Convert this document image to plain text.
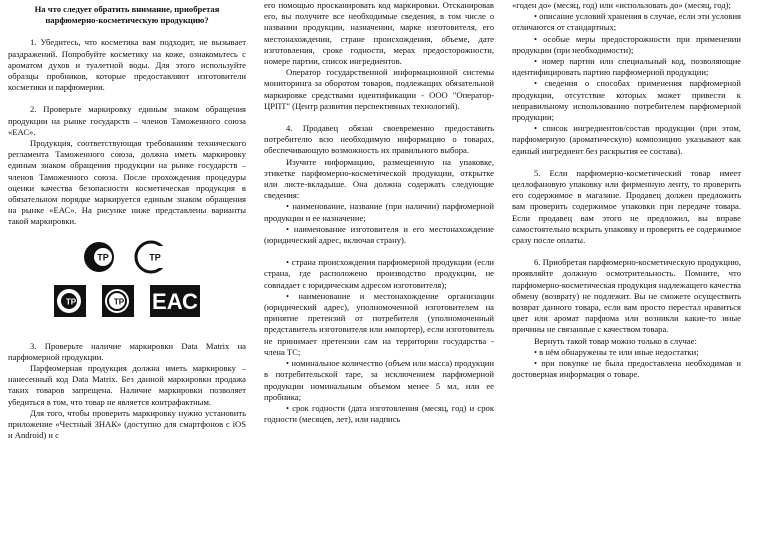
На что следует обратить внимание, приобретая парфюмерно-косметическую продукцию?

1. Убедитесь, что косметика вам подходит, не вызывает раздражений. Попробуйте косметику на коже, ознакомьтесь с ароматом духов и туалетной воды. Для этого используйте образцы пробников, которые предоставляют изготовители косметики и парфюмерии.

2. Проверьте маркировку единым знаком обращения продукции на рынке государств – членов Таможенного союза «ЕАС».

Продукция, соответствующая требованиям технического регламента Таможенного союза, должна иметь маркировку единым знаком обращения продукции на рынке государств – членов Таможенного союза. После прохождения процедуры оценки качества безопасности косметическая продукция в обязательном порядке маркируется единым знаком обращения на рынке «ЕАС». На рисунке ниже представлены варианты такой маркировки.

ТР	ТР
ТР	ТР ЕАС

3. Проверьте наличие маркировки Data Matrix на парфюмерной продукции.

Парфюмерная продукция должна иметь маркировку – нанесенный код Data Matrix. Без данной маркировки продажа таких товаров запрещена. Наличие маркировки позволяет убедиться в том, что товар не является контрафактным.

Для того, чтобы проверить маркировку нужно установить приложение «Честный ЗНАК» (доступно для смартфонов с iOS и Android) и с

его помощью просканировать код маркировки. Отсканировав его, вы получите все необходимые сведения, в том числе о названии продукции, назначении, марке изготовителя, его местонахождении, стране происхождения, объеме, дате изготовления, сроке годности, мерах предосторожности, номере партии, список ингредиентов.

Оператор государственной информационной системы мониторинга за оборотом товаров, подлежащих обязательной маркировке средствами идентификации - ООО "Оператор-ЦРПТ" (Центр развития перспективных технологий).

4. Продавец обязан своевременно предоставить потребителю всю необходимую информацию о товарах, обеспечивающую возможность их правильного выбора.

Изучите информацию, размещенную на упаковке, этикетке парфюмерно-косметической продукции, открытке или листе-вкладыше. Она должна содержать следующие сведения:

• наименование, название (при наличии) парфюмерной продукции и ее назначение;

• наименование изготовителя и его местонахождение (юридический адрес, включая страну).

• страна происхождения парфюмерной продукции (если страна, где расположено производство продукции, не совпадает с юридическим адресом изготовителя);

• наименование и местонахождение организации (юридический адрес), уполномоченной изготовителем на принятие претензий от потребителя (уполномоченный представитель изготовителя или импортер), если изготовитель не принимает претензии сам на территории государства - члена ТС;

• номинальное количество (объем или масса) продукции в потребительской таре, за исключением парфюмерной продукции номинальным объемом менее 5 мл, или ее пробника;

• срок годности (дата изготовления (месяц, год) и срок годности (месяцев, лет), или надпись

«годен до» (месяц, год) или «использовать до» (месяц, год);

• описание условий хранения в случае, если эти условия отличаются от стандартных;

• особые меры предосторожности при применении продукции (при необходимости);

• номер партии или специальный код, позволяющие идентифицировать партию парфюмерной продукции;

• сведения о способах применения парфюмерной продукции, отсутствие которых может привести к неправильному использованию потребителем парфюмерной продукции;

• список ингредиентов/состав продукции (при этом, парфюмерную (ароматическую) композицию указывают как единый ингредиент без раскрытия ее состава).

5. Если парфюмерно-косметический товар имеет целлофановую упаковку или фирменную ленту, то проверить его содержимое в магазине. Продавец должен предложить вам проверить содержимое упаковки при передаче товара. Если продавец вам этого не предложил, вы вправе самостоятельно вскрыть упаковку и проверить ее содержимое сразу после оплаты.

6. Приобретая парфюмерно-косметическую продукцию, проявляйте должную осмотрительность. Помните, что парфюмерно-косметическая продукция надлежащего качества обмену (возврату) не подлежит. Вы не сможете осуществить возврат данного товара, если вам просто перестал нравиться цвет или аромат парфюма или возникли какие-то иные причины не связанные с качеством товара.

Вернуть такой товар можно только в случае:

• в нём обнаружены те или иные недостатки;

• при покупке не была предоставлена необходимая и достоверная информация о товаре.
